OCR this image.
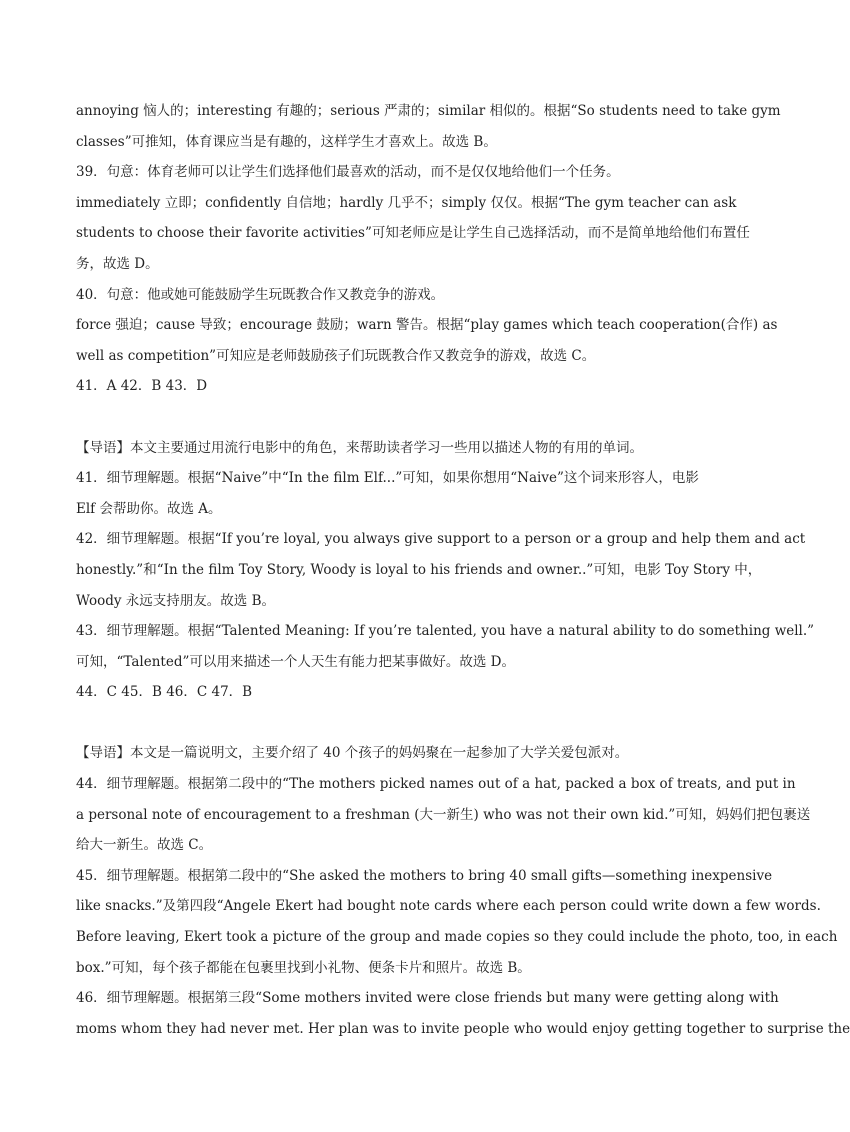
annoying 恼人的；interesting 有趣的；serious 严肃的；similar 相似的。根据“So students need to take gym
classes”可推知，体育课应当是有趣的，这样学生才喜欢上。故选 B。
39．句意：体育老师可以让学生们选择他们最喜欢的活动，而不是仅仅地给他们一个任务。
immediately 立即；confidently 自信地；hardly 几乎不；simply 仅仅。根据“The gym teacher can ask
students to choose their favorite activities”可知老师应是让学生自己选择活动，而不是简单地给他们布置任
务，故选 D。
40．句意：他或她可能鼓励学生玩既教合作又教竞争的游戏。
force 强迫；cause 导致；encourage 鼓励；warn 警告。根据“play games which teach cooperation(合作) as
well as competition”可知应是老师鼓励孩子们玩既教合作又教竞争的游戏，故选 C。
41．A 42．B 43．D
【导语】本文主要通过用流行电影中的角色，来帮助读者学习一些用以描述人物的有用的单词。
41．细节理解题。根据“Naive”中“In the film Elf...”可知，如果你想用“Naive”这个词来形容人，电影
Elf 会帮助你。故选 A。
42．细节理解题。根据“If you’re loyal, you always give support to a person or a group and help them and act
honestly.”和“In the film Toy Story, Woody is loyal to his friends and owner..”可知，电影 Toy Story 中，
Woody 永远支持朋友。故选 B。
43．细节理解题。根据“Talented Meaning: If you’re talented, you have a natural ability to do something well.”
可知，“Talented”可以用来描述一个人天生有能力把某事做好。故选 D。
44．C 45．B 46．C 47．B
【导语】本文是一篇说明文，主要介绍了 40 个孩子的妈妈聚在一起参加了大学关爱包派对。
44．细节理解题。根据第二段中的“The mothers picked names out of a hat, packed a box of treats, and put in
a personal note of encouragement to a freshman (大一新生) who was not their own kid.”可知，妈妈们把包裹送
给大一新生。故选 C。
45．细节理解题。根据第二段中的“She asked the mothers to bring 40 small gifts—something inexpensive
like snacks.”及第四段“Angele Ekert had bought note cards where each person could write down a few words.
Before leaving, Ekert took a picture of the group and made copies so they could include the photo, too, in each
box.”可知，每个孩子都能在包裹里找到小礼物、便条卡片和照片。故选 B。
46．细节理解题。根据第三段“Some mothers invited were close friends but many were getting along with
moms whom they had never met. Her plan was to invite people who would enjoy getting together to surprise the
